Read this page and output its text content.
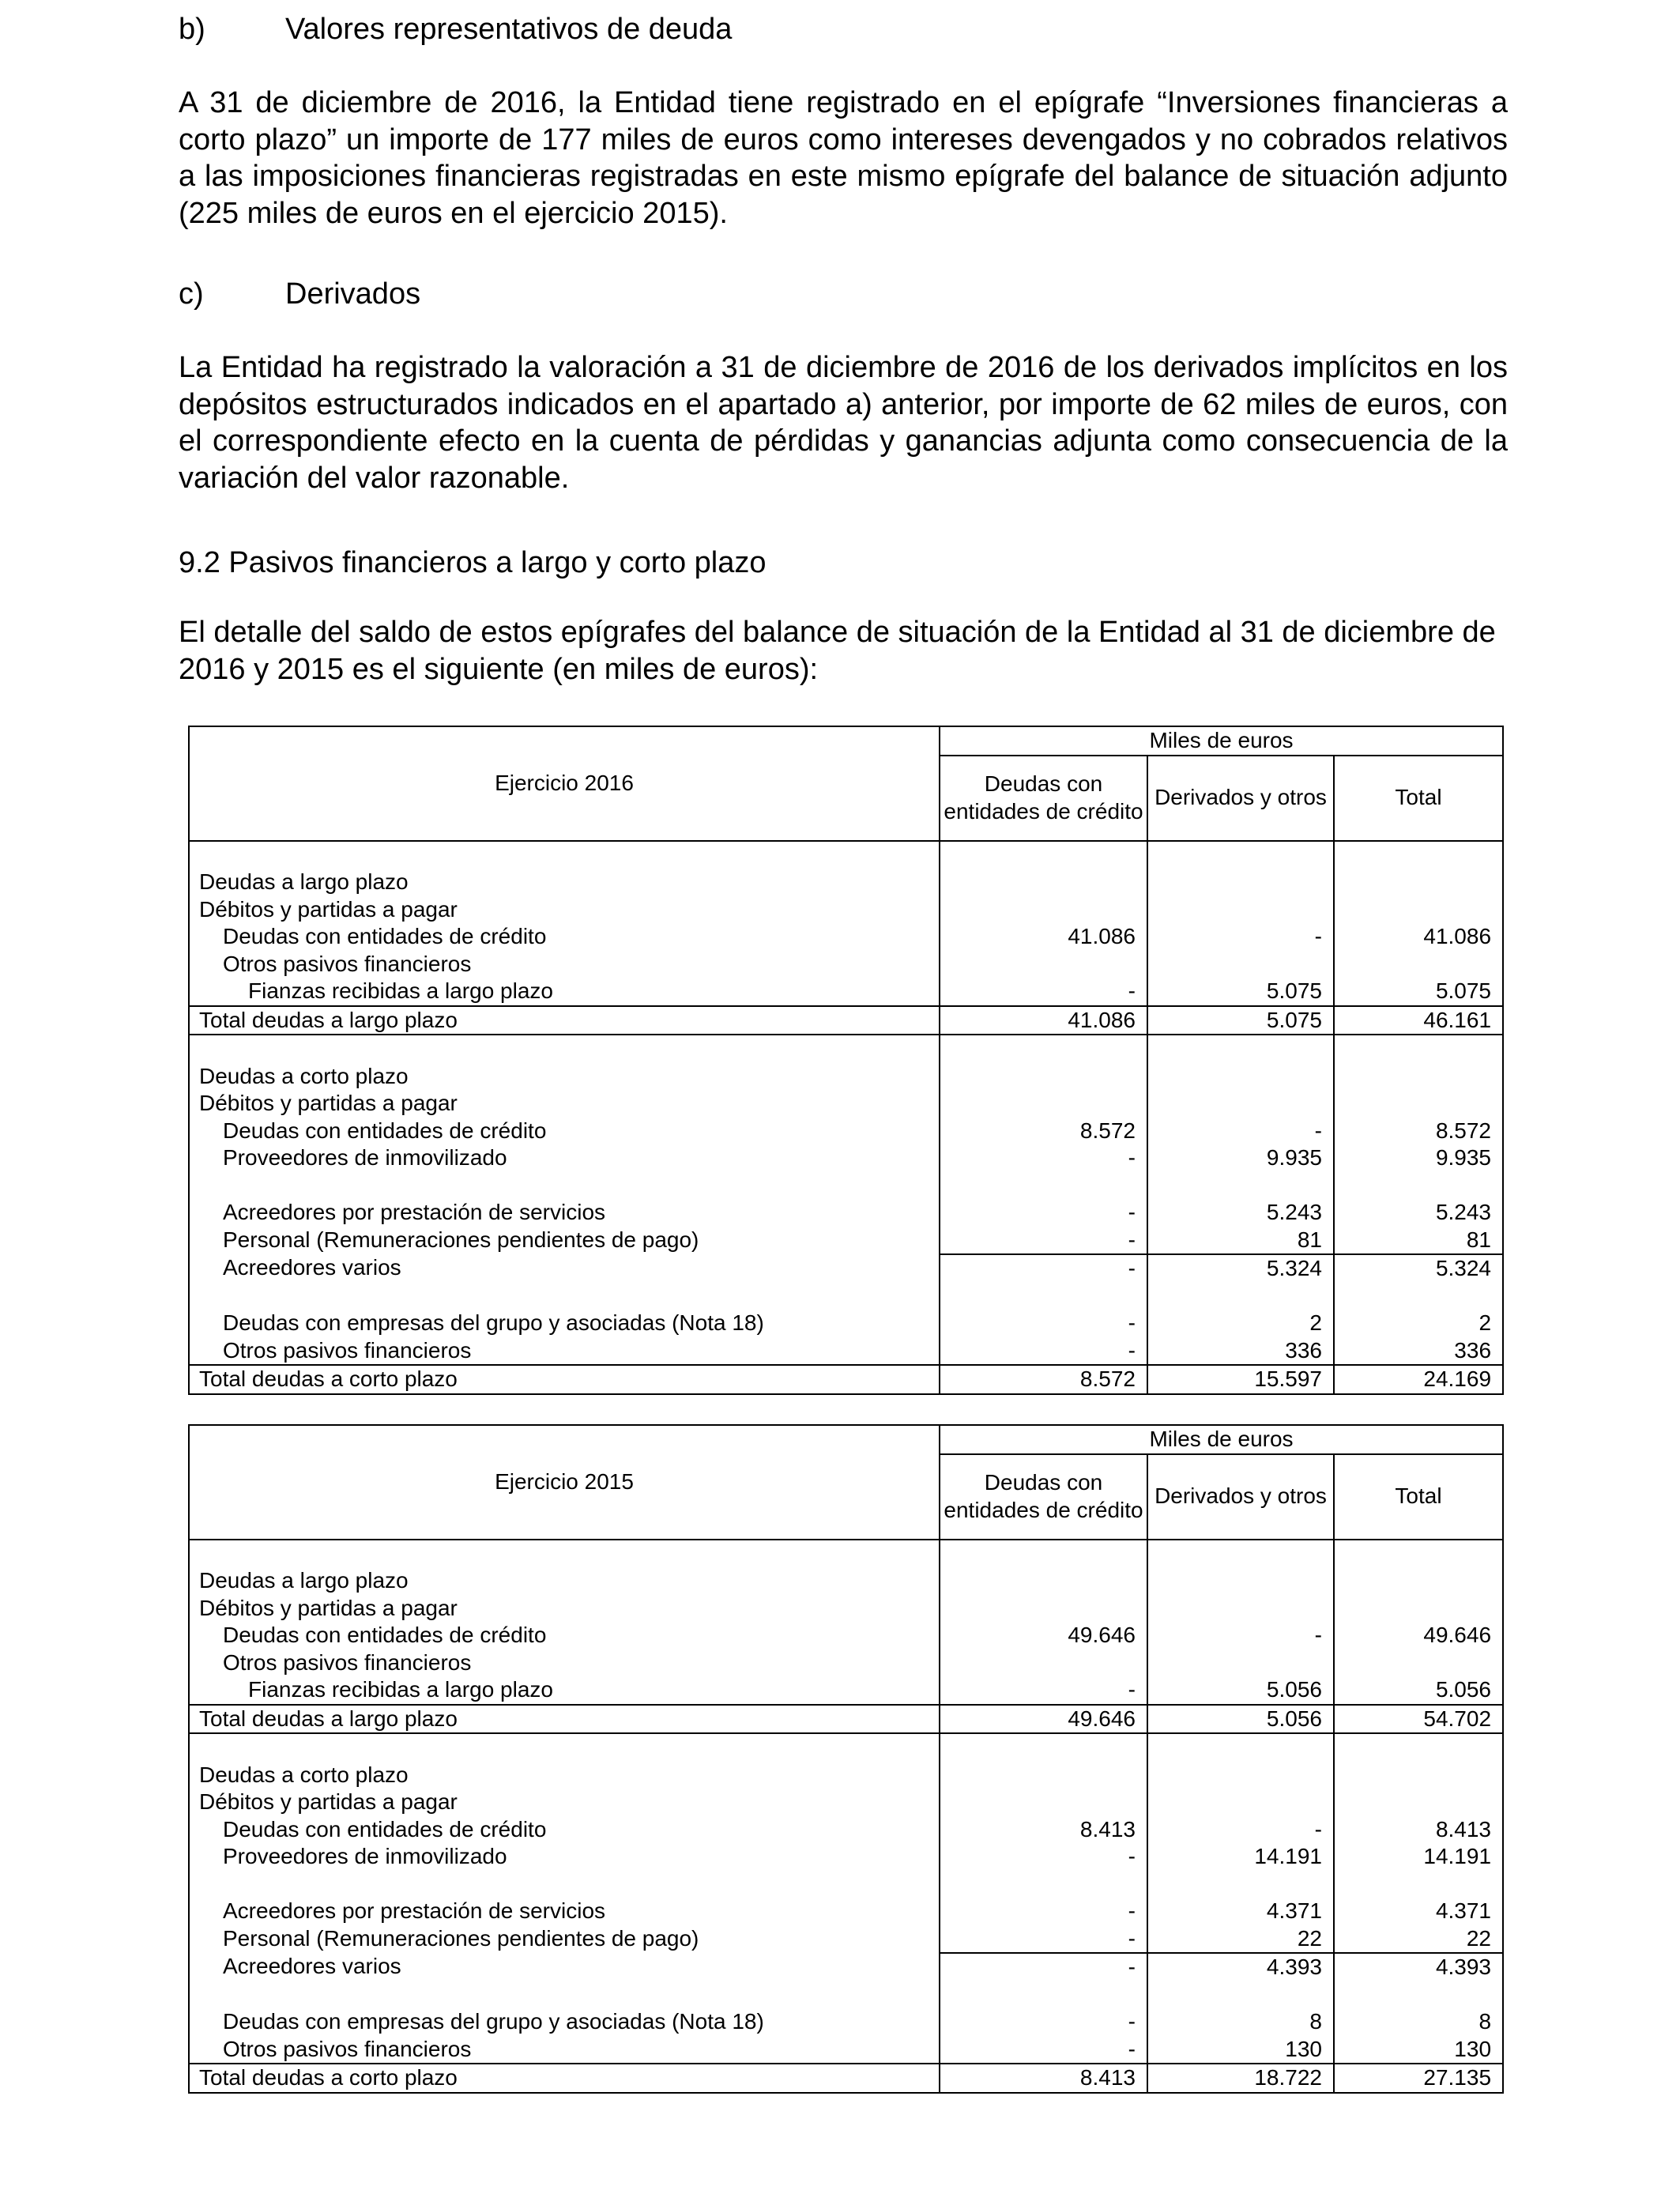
b)	Valores representativos de deuda

A 31 de diciembre de 2016, la Entidad tiene registrado en el epígrafe “Inversiones financieras a corto plazo” un importe de 177 miles de euros como intereses devengados y no cobrados relativos a las imposiciones financieras registradas en este mismo epígrafe del balance de situación adjunto (225 miles de euros en el ejercicio 2015).

c)	Derivados

La Entidad ha registrado la valoración a 31 de diciembre de 2016 de los derivados implícitos en los depósitos estructurados indicados en el apartado a) anterior, por importe de 62 miles de euros, con el correspondiente efecto en la cuenta de pérdidas y ganancias adjunta como consecuencia de la variación del valor razonable.

9.2 Pasivos financieros a largo y corto plazo

El detalle del saldo de estos epígrafes del balance de situación de la Entidad al 31 de diciembre de 2016 y 2015 es el siguiente (en miles de euros):

Ejercicio 2016	Miles de euros		
	Deudas con entidades de crédito	Derivados y otros	Total

Deudas a largo plazo			
Débitos y partidas a pagar			
Deudas con entidades de crédito	41.086	-	41.086
Otros pasivos financieros			
Fianzas recibidas a largo plazo	-	5.075	5.075
Total deudas a largo plazo	41.086	5.075	46.161

Deudas a corto plazo			
Débitos y partidas a pagar			
Deudas con entidades de crédito	8.572	-	8.572
Proveedores de inmovilizado	-	9.935	9.935

Acreedores por prestación de servicios	-	5.243	5.243
Personal (Remuneraciones pendientes de pago)	-	81	81
Acreedores varios	-	5.324	5.324

Deudas con empresas del grupo y asociadas (Nota 18)	-	2	2
Otros pasivos financieros	-	336	336
Total deudas a corto plazo	8.572	15.597	24.169
Ejercicio 2015	Miles de euros		
	Deudas con entidades de crédito	Derivados y otros	Total

Deudas a largo plazo			
Débitos y partidas a pagar			
Deudas con entidades de crédito	49.646	-	49.646
Otros pasivos financieros			
Fianzas recibidas a largo plazo	-	5.056	5.056
Total deudas a largo plazo	49.646	5.056	54.702

Deudas a corto plazo			
Débitos y partidas a pagar			
Deudas con entidades de crédito	8.413	-	8.413
Proveedores de inmovilizado	-	14.191	14.191

Acreedores por prestación de servicios	-	4.371	4.371
Personal (Remuneraciones pendientes de pago)	-	22	22
Acreedores varios	-	4.393	4.393

Deudas con empresas del grupo y asociadas (Nota 18)	-	8	8
Otros pasivos financieros	-	130	130
Total deudas a corto plazo	8.413	18.722	27.135
